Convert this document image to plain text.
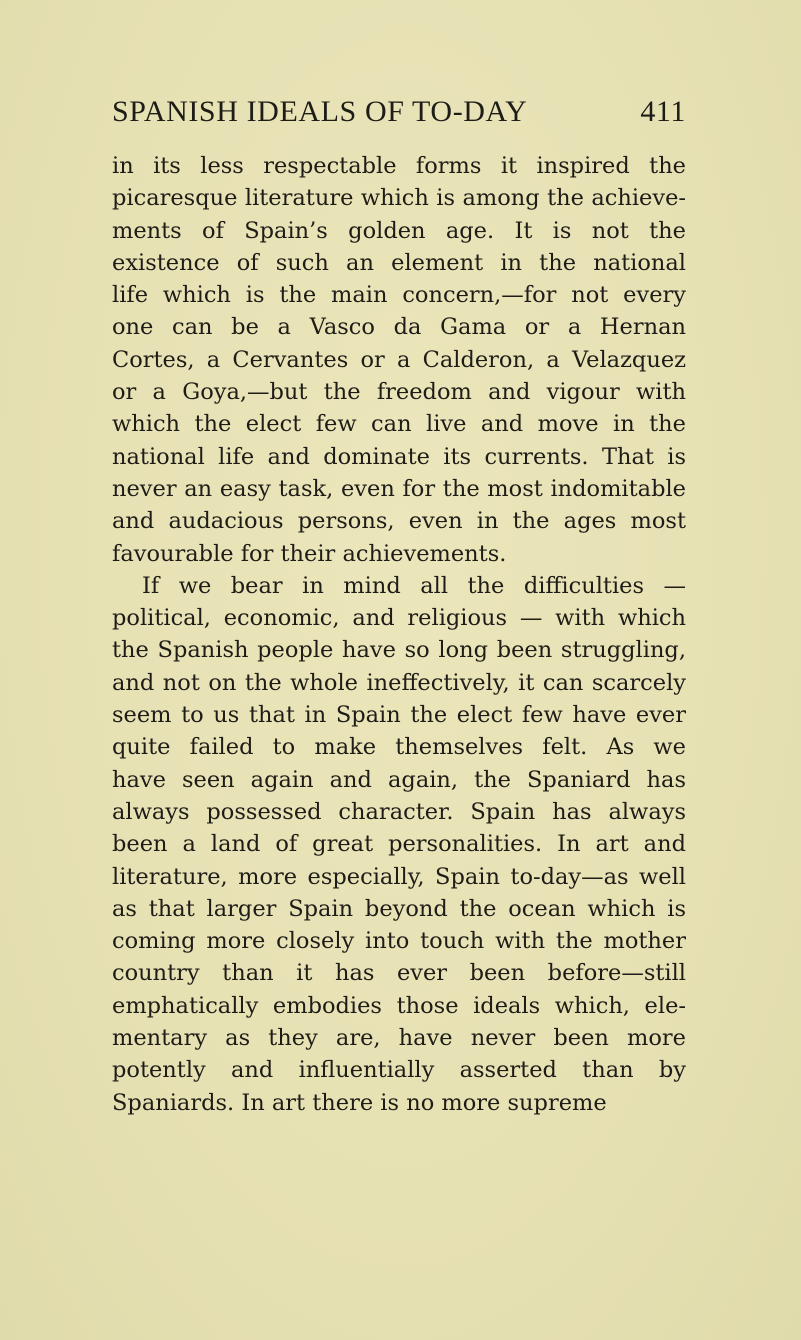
SPANISH IDEALS OF TO-DAY	411
in its less respectable forms it inspired the
picaresque literature which is among the achieve-
ments of Spain’s golden age. It is not the
existence of such an element in the national
life which is the main concern,—for not every
one can be a Vasco da Gama or a Hernan
Cortes, a Cervantes or a Calderon, a Velazquez
or a Goya,—but the freedom and vigour with
which the elect few can live and move in the
national life and dominate its currents. That is
never an easy task, even for the most indomitable
and audacious persons, even in the ages most
favourable for their achievements.
If we bear in mind all the difficulties —
political, economic, and religious — with which
the Spanish people have so long been struggling,
and not on the whole ineffectively, it can scarcely
seem to us that in Spain the elect few have ever
quite failed to make themselves felt. As we
have seen again and again, the Spaniard has
always possessed character. Spain has always
been a land of great personalities. In art and
literature, more especially, Spain to-day—as well
as that larger Spain beyond the ocean which is
coming more closely into touch with the mother
country than it has ever been before—still
emphatically embodies those ideals which, ele-
mentary as they are, have never been more
potently and influentially asserted than by
Spaniards. In art there is no more supreme
